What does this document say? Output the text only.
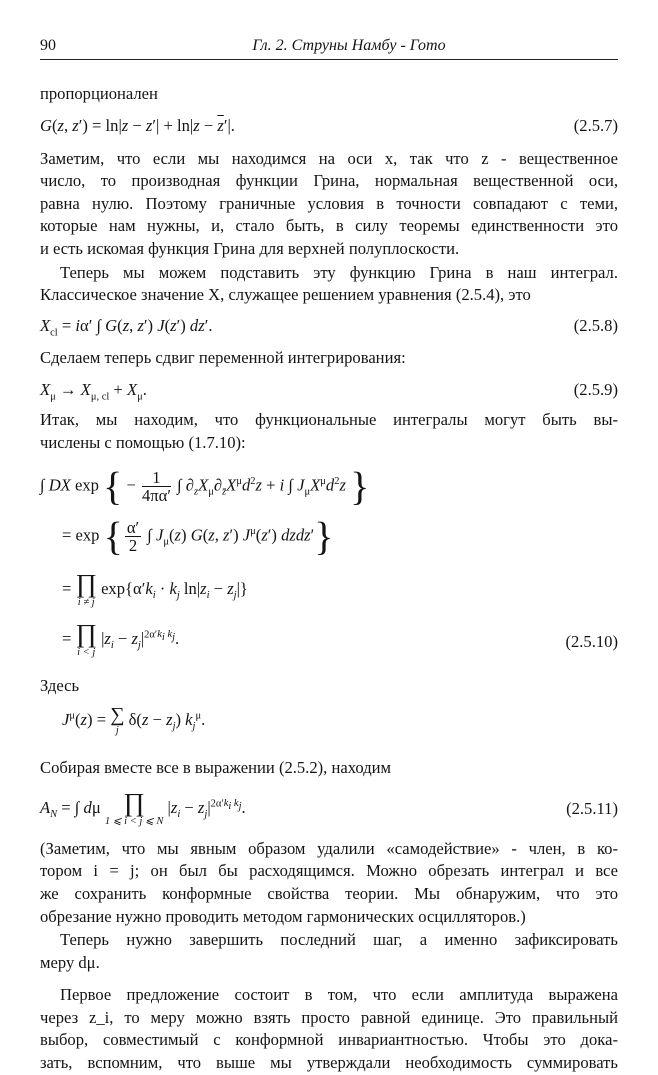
90	Гл. 2. Струны Намбу - Гото

пропорционален

G(z, $z') = \ln|z - z'| + \ln|z - \overline{z}'|$.	(2.5.7)

Заметим, что если мы находимся на оси x, так что z - вещественное
число, то производная функции Грина, нормальная вещественной оси,
равна нулю. Поэтому граничные условия в точности совпадают с теми,
которые нам нужны, и, стало быть, в силу теоремы единственности это
и есть искомая функция Грина для верхней полуплоскости.

Теперь мы можем подставить эту функцию Грина в наш интеграл.
Классическое значение X, служащее решением уравнения (2.5.4), это

$X_{cl} = i\alpha'$ ∫ G(z, z′) J(z′) dz′.	(2.5.8)

Сделаем теперь сдвиг переменной интегрирования:

$X_\mu \to X_{\mu, cl} + X_\mu$.	(2.5.9)

Итак, мы находим, что функциональные интегралы могут быть вы-
числены с помощью (1.7.10):

∫ DX exp { − $\frac{1}{4\pi\alpha'}$ ∫ $\partial_zX_\mu\partial_{z̄}X^\mu d^2z + i$ ∫ $J_\mu X^\mu d^2z$ }
= exp { $\frac{\alpha'}{2}$ ∫ $J_\mu(z)$ G(z, z′) $J^\mu(z')$ dzdz′}
= ∏
i ≠ j
$\exp\{\alpha'k_i \cdot k_j$ $\ln|z_i - z_j|$}
= ∏
i < j
$|z_i - z_j|^{2\alpha'k_i k_j}$.	(2.5.10)

Здесь

$J^\mu(z)$ = ∑
j
$\delta(z - z_j)$ $k_j^\mu$.

Собирая вместе все в выражении (2.5.2), находим

$A_N$ = ∫ dμ ∏
1 ⩽ i < j ⩽ N
$|z_i - z_j|^{2\alpha'k_i k_j}$.	(2.5.11)

(Заметим, что мы явным образом удалили «самодействие» - член, в ко-
тором i = j; он был бы расходящимся. Можно обрезать интеграл и все
же сохранить конформные свойства теории. Мы обнаружим, что это
обрезание нужно проводить методом гармонических осцилляторов.)

Теперь нужно завершить последний шаг, а именно зафиксировать
меру dμ.

Первое предложение состоит в том, что если амплитуда выражена
через z_i, то меру можно взять просто равной единице. Это правильный
выбор, совместимый с конформной инвариантностью. Чтобы это дока-
зать, вспомним, что выше мы утверждали необходимость суммировать
